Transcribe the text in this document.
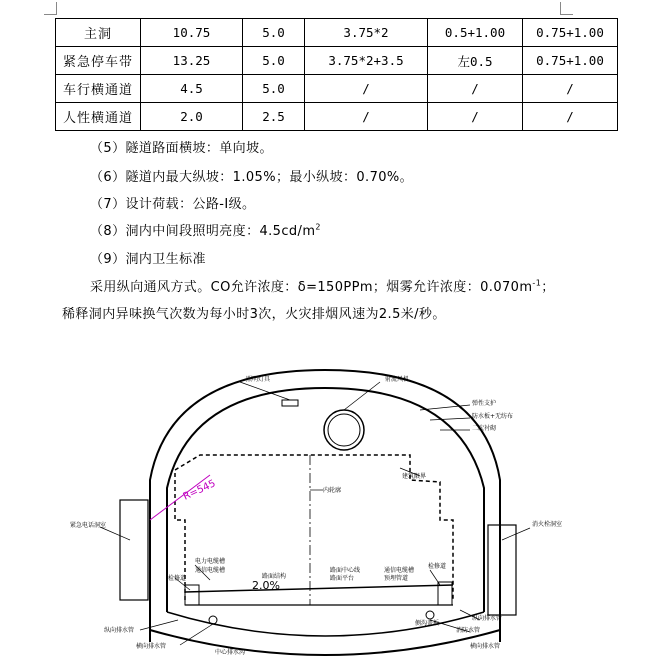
主洞	10.75	5.0	3.75*2	0.5+1.00	0.75+1.00
紧急停车带	13.25	5.0	3.75*2+3.5	左0.5	0.75+1.00
车行横通道	4.5	5.0	/	/	/
人性横通道	2.0	2.5	/	/	/
（5）隧道路面横坡：单向坡。
（6）隧道内最大纵坡：1.05%；最小纵坡：0.70%。
（7）设计荷载：公路-I级。
（8）洞内中间段照明亮度：$4.5cd/m^2$
（9）洞内卫生标准
采用纵向通风方式。CO允许浓度：δ=150PPm；烟雾允许浓度：$0.070m^{-1}$；
稀释洞内异味换气次数为每小时3次，火灾排烟风速为2.5米/秒。
R=545
2.0%
照明灯具	射流风机
弹性支护
防水板+无纺布
二次衬砌
建筑限界
内轮廓
紧急电话洞室	消火栓洞室
电力电缆槽
通信电缆槽
检修道	路面结构
路面中心线
路面平台
通信电缆槽
预埋管道
检修道
纵向排水管
横向排水管
中心排水沟
侧沟盖板
消防水管
纵向排水管
横向排水管
